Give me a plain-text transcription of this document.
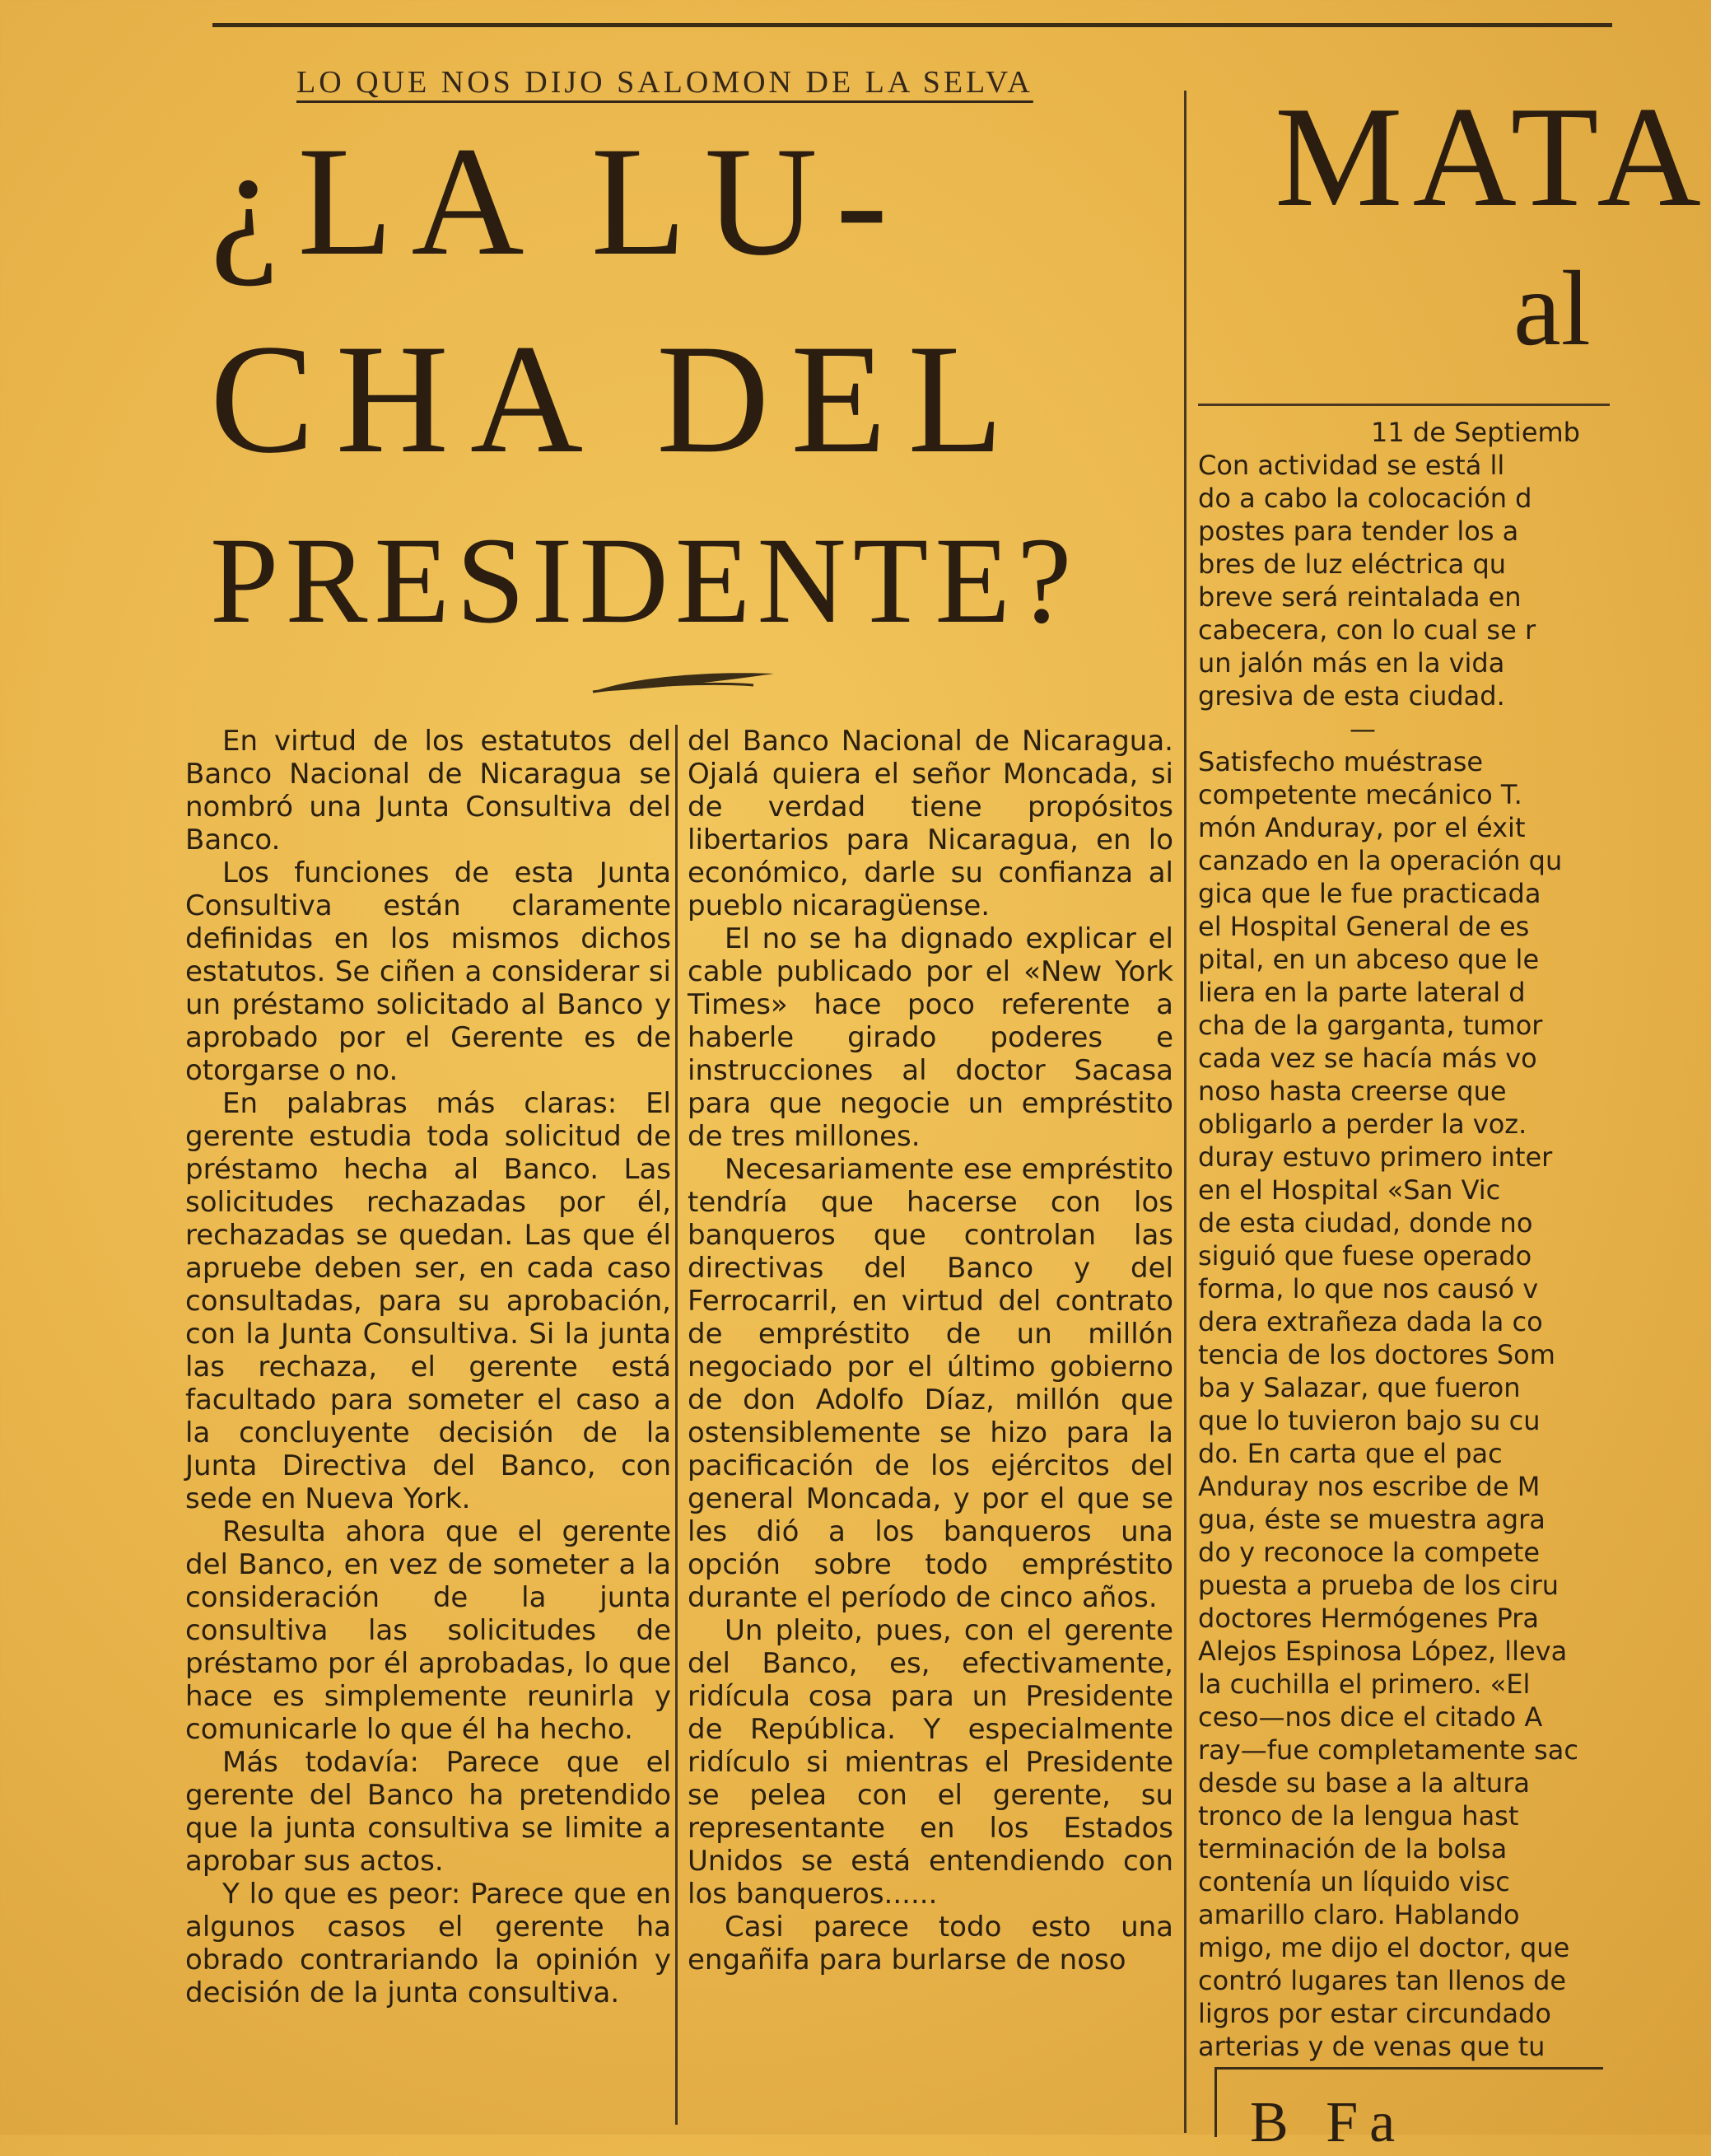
LO QUE NOS DIJO SALOMON DE LA SELVA
¿LA LU-
CHA DEL
PRESIDENTE?

En virtud de los estatutos del Banco Nacional de Nicaragua se nombró una Junta Consultiva del Banco.

Los funciones de esta Junta Consultiva están claramente definidas en los mismos dichos estatutos. Se ciñen a considerar si un préstamo solicitado al Banco y aprobado por el Gerente es de otorgarse o no.

En palabras más claras: El gerente estudia toda solicitud de préstamo hecha al Banco. Las solicitudes rechazadas por él, rechazadas se quedan. Las que él apruebe deben ser, en cada caso consultadas, para su aprobación, con la Junta Consultiva. Si la junta las rechaza, el gerente está facultado para someter el caso a la concluyente decisión de la Junta Directiva del Banco, con sede en Nueva York.

Resulta ahora que el gerente del Banco, en vez de someter a la consideración de la junta consultiva las solicitudes de préstamo por él aprobadas, lo que hace es simplemente reunirla y comunicarle lo que él ha hecho.

Más todavía: Parece que el gerente del Banco ha pretendido que la junta consultiva se limite a aprobar sus actos.

Y lo que es peor: Parece que en algunos casos el gerente ha obrado contrariando la opinión y decisión de la junta consultiva.

del Banco Nacional de Nicaragua. Ojalá quiera el señor Moncada, si de verdad tiene propósitos libertarios para Nicaragua, en lo económico, darle su confianza al pueblo nicaragüense.

El no se ha dignado explicar el cable publicado por el «New York Times» hace poco referente a haberle girado poderes e instrucciones al doctor Sacasa para que negocie un empréstito de tres millones.

Necesariamente ese empréstito tendría que hacerse con los banqueros que controlan las directivas del Banco y del Ferrocarril, en virtud del contrato de empréstito de un millón negociado por el último gobierno de don Adolfo Díaz, millón que ostensiblemente se hizo para la pacificación de los ejércitos del general Moncada, y por el que se les dió a los banqueros una opción sobre todo empréstito durante el período de cinco años.

Un pleito, pues, con el gerente del Banco, es, efectivamente, ridícula cosa para un Presidente de República. Y especialmente ridículo si mientras el Presidente se pelea con el gerente, su representante en los Estados Unidos se está entendiendo con los banqueros......

Casi parece todo esto una engañifa para burlarse de noso

MATA
al
11 de Septiemb
Con actividad se está ll
do a cabo la colocación d
postes para tender los a
bres de luz eléctrica qu
breve será reintalada en
cabecera, con lo cual se r
un jalón más en la vida
gresiva de esta ciudad.
—
Satisfecho muéstrase
competente mecánico T.
món Anduray, por el éxit
canzado en la operación qu
gica que le fue practicada
el Hospital General de es
pital, en un abceso que le
liera en la parte lateral d
cha de la garganta, tumor
cada vez se hacía más vo
noso hasta creerse que
obligarlo a perder la voz.
duray estuvo primero inter
en el Hospital «San Vic
de esta ciudad, donde no
siguió que fuese operado
forma, lo que nos causó v
dera extrañeza dada la co
tencia de los doctores Som
ba y Salazar, que fueron
que lo tuvieron bajo su cu
do. En carta que el pac
Anduray nos escribe de M
gua, éste se muestra agra
do y reconoce la compete
puesta a prueba de los ciru
doctores Hermógenes Pra
Alejos Espinosa López, lleva
la cuchilla el primero. «El
ceso—nos dice el citado A
ray—fue completamente sac
desde su base a la altura
tronco de la lengua hast
terminación de la bolsa
contenía un líquido visc
amarillo claro. Hablando
migo, me dijo el doctor, que
contró lugares tan llenos de
ligros por estar circundado
arterias y de venas que tu
B Fa
